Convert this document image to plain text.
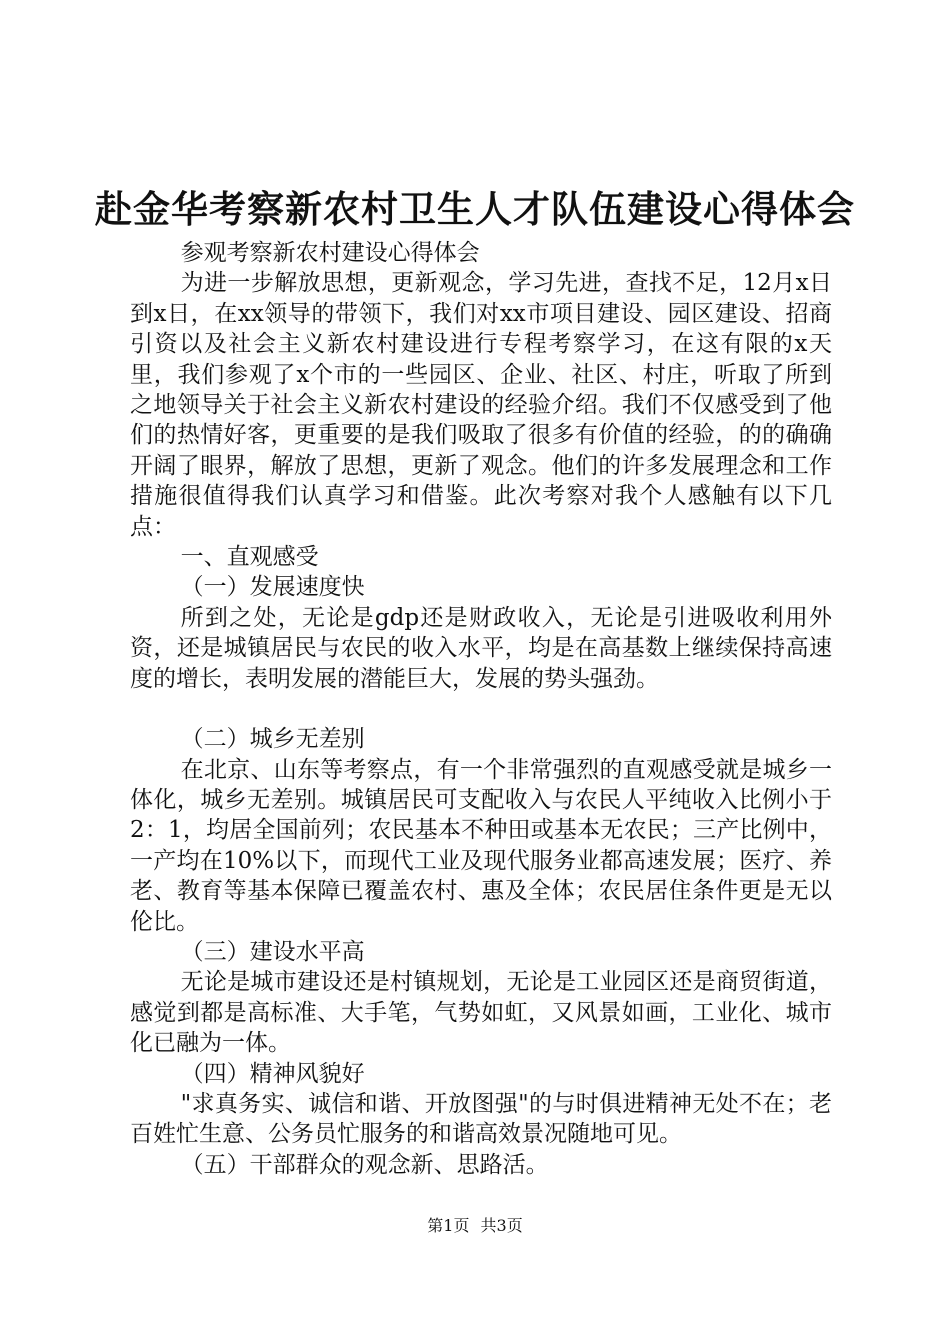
赴金华考察新农村卫生人才队伍建设心得体会

参观考察新农村建设心得体会

为进一步解放思想，更新观念，学习先进，查找不足，12月x日到x日，在xx领导的带领下，我们对xx市项目建设、园区建设、招商引资以及社会主义新农村建设进行专程考察学习，在这有限的x天里，我们参观了x个市的一些园区、企业、社区、村庄，听取了所到之地领导关于社会主义新农村建设的经验介绍。我们不仅感受到了他们的热情好客，更重要的是我们吸取了很多有价值的经验，的的确确开阔了眼界，解放了思想，更新了观念。他们的许多发展理念和工作措施很值得我们认真学习和借鉴。此次考察对我个人感触有以下几点：

一、直观感受

（一）发展速度快

所到之处，无论是gdp还是财政收入，无论是引进吸收利用外资，还是城镇居民与农民的收入水平，均是在高基数上继续保持高速度的增长，表明发展的潜能巨大，发展的势头强劲。

（二）城乡无差别

在北京、山东等考察点，有一个非常强烈的直观感受就是城乡一体化，城乡无差别。城镇居民可支配收入与农民人平纯收入比例小于2：1，均居全国前列；农民基本不种田或基本无农民；三产比例中，一产均在10%以下，而现代工业及现代服务业都高速发展；医疗、养老、教育等基本保障已覆盖农村、惠及全体；农民居住条件更是无以伦比。

（三）建设水平高

无论是城市建设还是村镇规划，无论是工业园区还是商贸街道，感觉到都是高标准、大手笔，气势如虹，又风景如画，工业化、城市化已融为一体。

（四）精神风貌好

"求真务实、诚信和谐、开放图强"的与时俱进精神无处不在；老百姓忙生意、公务员忙服务的和谐高效景况随地可见。

（五）干部群众的观念新、思路活。

第1页 共3页
